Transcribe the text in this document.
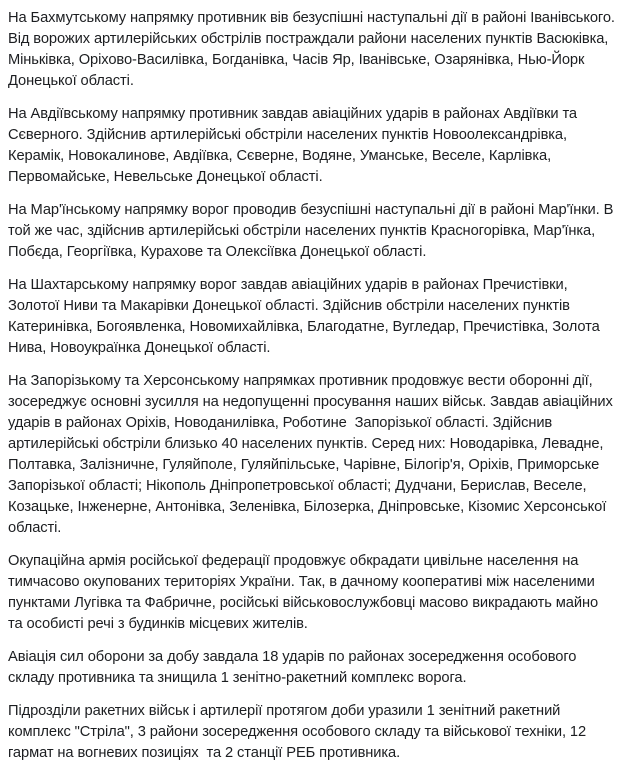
На Бахмутському напрямку противник вів безуспішні наступальні дії в районі Іванівського. Від ворожих артилерійських обстрілів постраждали райони населених пунктів Васюківка, Міньківка, Оріхово-Василівка, Богданівка, Часів Яр, Іванівське, Озарянівка, Нью-Йорк Донецької області.

На Авдіївському напрямку противник завдав авіаційних ударів в районах Авдіївки та Сєверного. Здійснив артилерійські обстріли населених пунктів Новоолександрівка, Керамік, Новокалинове, Авдіївка, Сєверне, Водяне, Уманське, Веселе, Карлівка, Первомайське, Невельське Донецької області.

На Мар'їнському напрямку ворог проводив безуспішні наступальні дії в районі Мар'їнки. В той же час, здійснив артилерійські обстріли населених пунктів Красногорівка, Мар'їнка, Побєда, Георгіївка, Курахове та Олексіївка Донецької області.

На Шахтарському напрямку ворог завдав авіаційних ударів в районах Пречистівки, Золотої Ниви та Макарівки Донецької області. Здійснив обстріли населених пунктів Катеринівка, Богоявленка, Новомихайлівка, Благодатне, Вугледар, Пречистівка, Золота Нива, Новоукраїнка Донецької області.

На Запорізькому та Херсонському напрямках противник продовжує вести оборонні дії, зосереджує основні зусилля на недопущенні просування наших військ. Завдав авіаційних ударів в районах Оріхів, Новоданилівка, Роботине  Запорізької області. Здійснив артилерійські обстріли близько 40 населених пунктів. Серед них: Новодарівка, Левадне, Полтавка, Залізничне, Гуляйполе, Гуляйпільське, Чарівне, Білогір'я, Оріхів, Приморське Запорізької області; Нікополь Дніпропетровської області; Дудчани, Берислав, Веселе, Козацьке, Інженерне, Антонівка, Зеленівка, Білозерка, Дніпровське, Кізомис Херсонської області.

Окупаційна армія російської федерації продовжує обкрадати цивільне населення на тимчасово окупованих територіях України. Так, в дачному кооперативі між населеними пунктами Лугівка та Фабричне, російські військовослужбовці масово викрадають майно та особисті речі з будинків місцевих жителів.

Авіація сил оборони за добу завдала 18 ударів по районах зосередження особового складу противника та знищила 1 зенітно-ракетний комплекс ворога.

Підрозділи ракетних військ і артилерії протягом доби уразили 1 зенітний ракетний комплекс "Стріла", 3 райони зосередження особового складу та військової техніки, 12 гармат на вогневих позиціях  та 2 станції РЕБ противника.
